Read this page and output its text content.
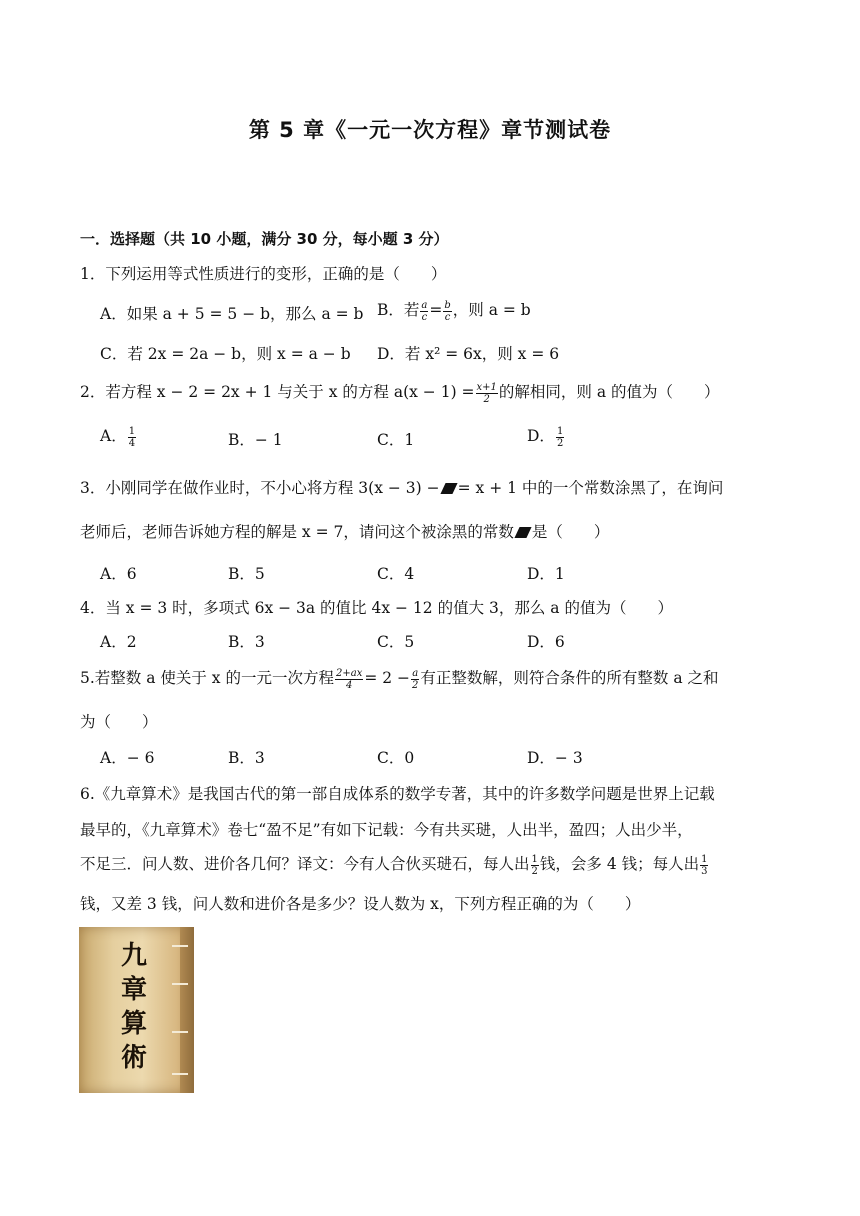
第 5 章《一元一次方程》章节测试卷
一．选择题（共 10 小题，满分 30 分，每小题 3 分）
1．下列运用等式性质进行的变形，正确的是（　　）
A．如果 a + 5 = 5 − b，那么 a = b B．若 $\frac{a}{c} = \frac{b}{c}$ ，则 a = b
C．若 2x = 2a − b，则 x = a − b D．若 x² = 6x，则 x = 6
2．若方程 x − 2 = 2x + 1 与关于 x 的方程 $a(x - 1) = \frac{x+1}{2}$ 的解相同，则 a 的值为（　　）
A． $\frac{1}{4}$	B．− 1	C．1	D． $\frac{1}{2}$
3．小刚同学在做作业时，不小心将方程 3(x − 3) − = x + 1 中的一个常数涂黑了，在询问
老师后，老师告诉她方程的解是 x = 7，请问这个被涂黑的常数 是（　　）
A．6	B．5	C．4	D．1
4．当 x = 3 时，多项式 6x − 3a 的值比 4x − 12 的值大 3，那么 a 的值为（　　）
A．2	B．3	C．5	D．6
5.若整数 a 使关于 x 的一元一次方程 $\frac{2+ax}{4} = 2 - \frac{a}{2}$ 有正整数解，则符合条件的所有整数 a 之和
为（　　）
A．− 6	B．3	C．0	D．− 3
6.《九章算术》是我国古代的第一部自成体系的数学专著，其中的许多数学问题是世界上记载
最早的，《九章算术》卷七“盈不足”有如下记载：今有共买琎，人出半，盈四；人出少半，
不足三．问人数、进价各几何？译文：今有人合伙买琎石，每人出 $\frac{1}{2}$ 钱，会多 4 钱；每人出 $\frac{1}{3}$
钱，又差 3 钱，问人数和进价各是多少？设人数为 x，下列方程正确的为（　　）
九
章
算
術
